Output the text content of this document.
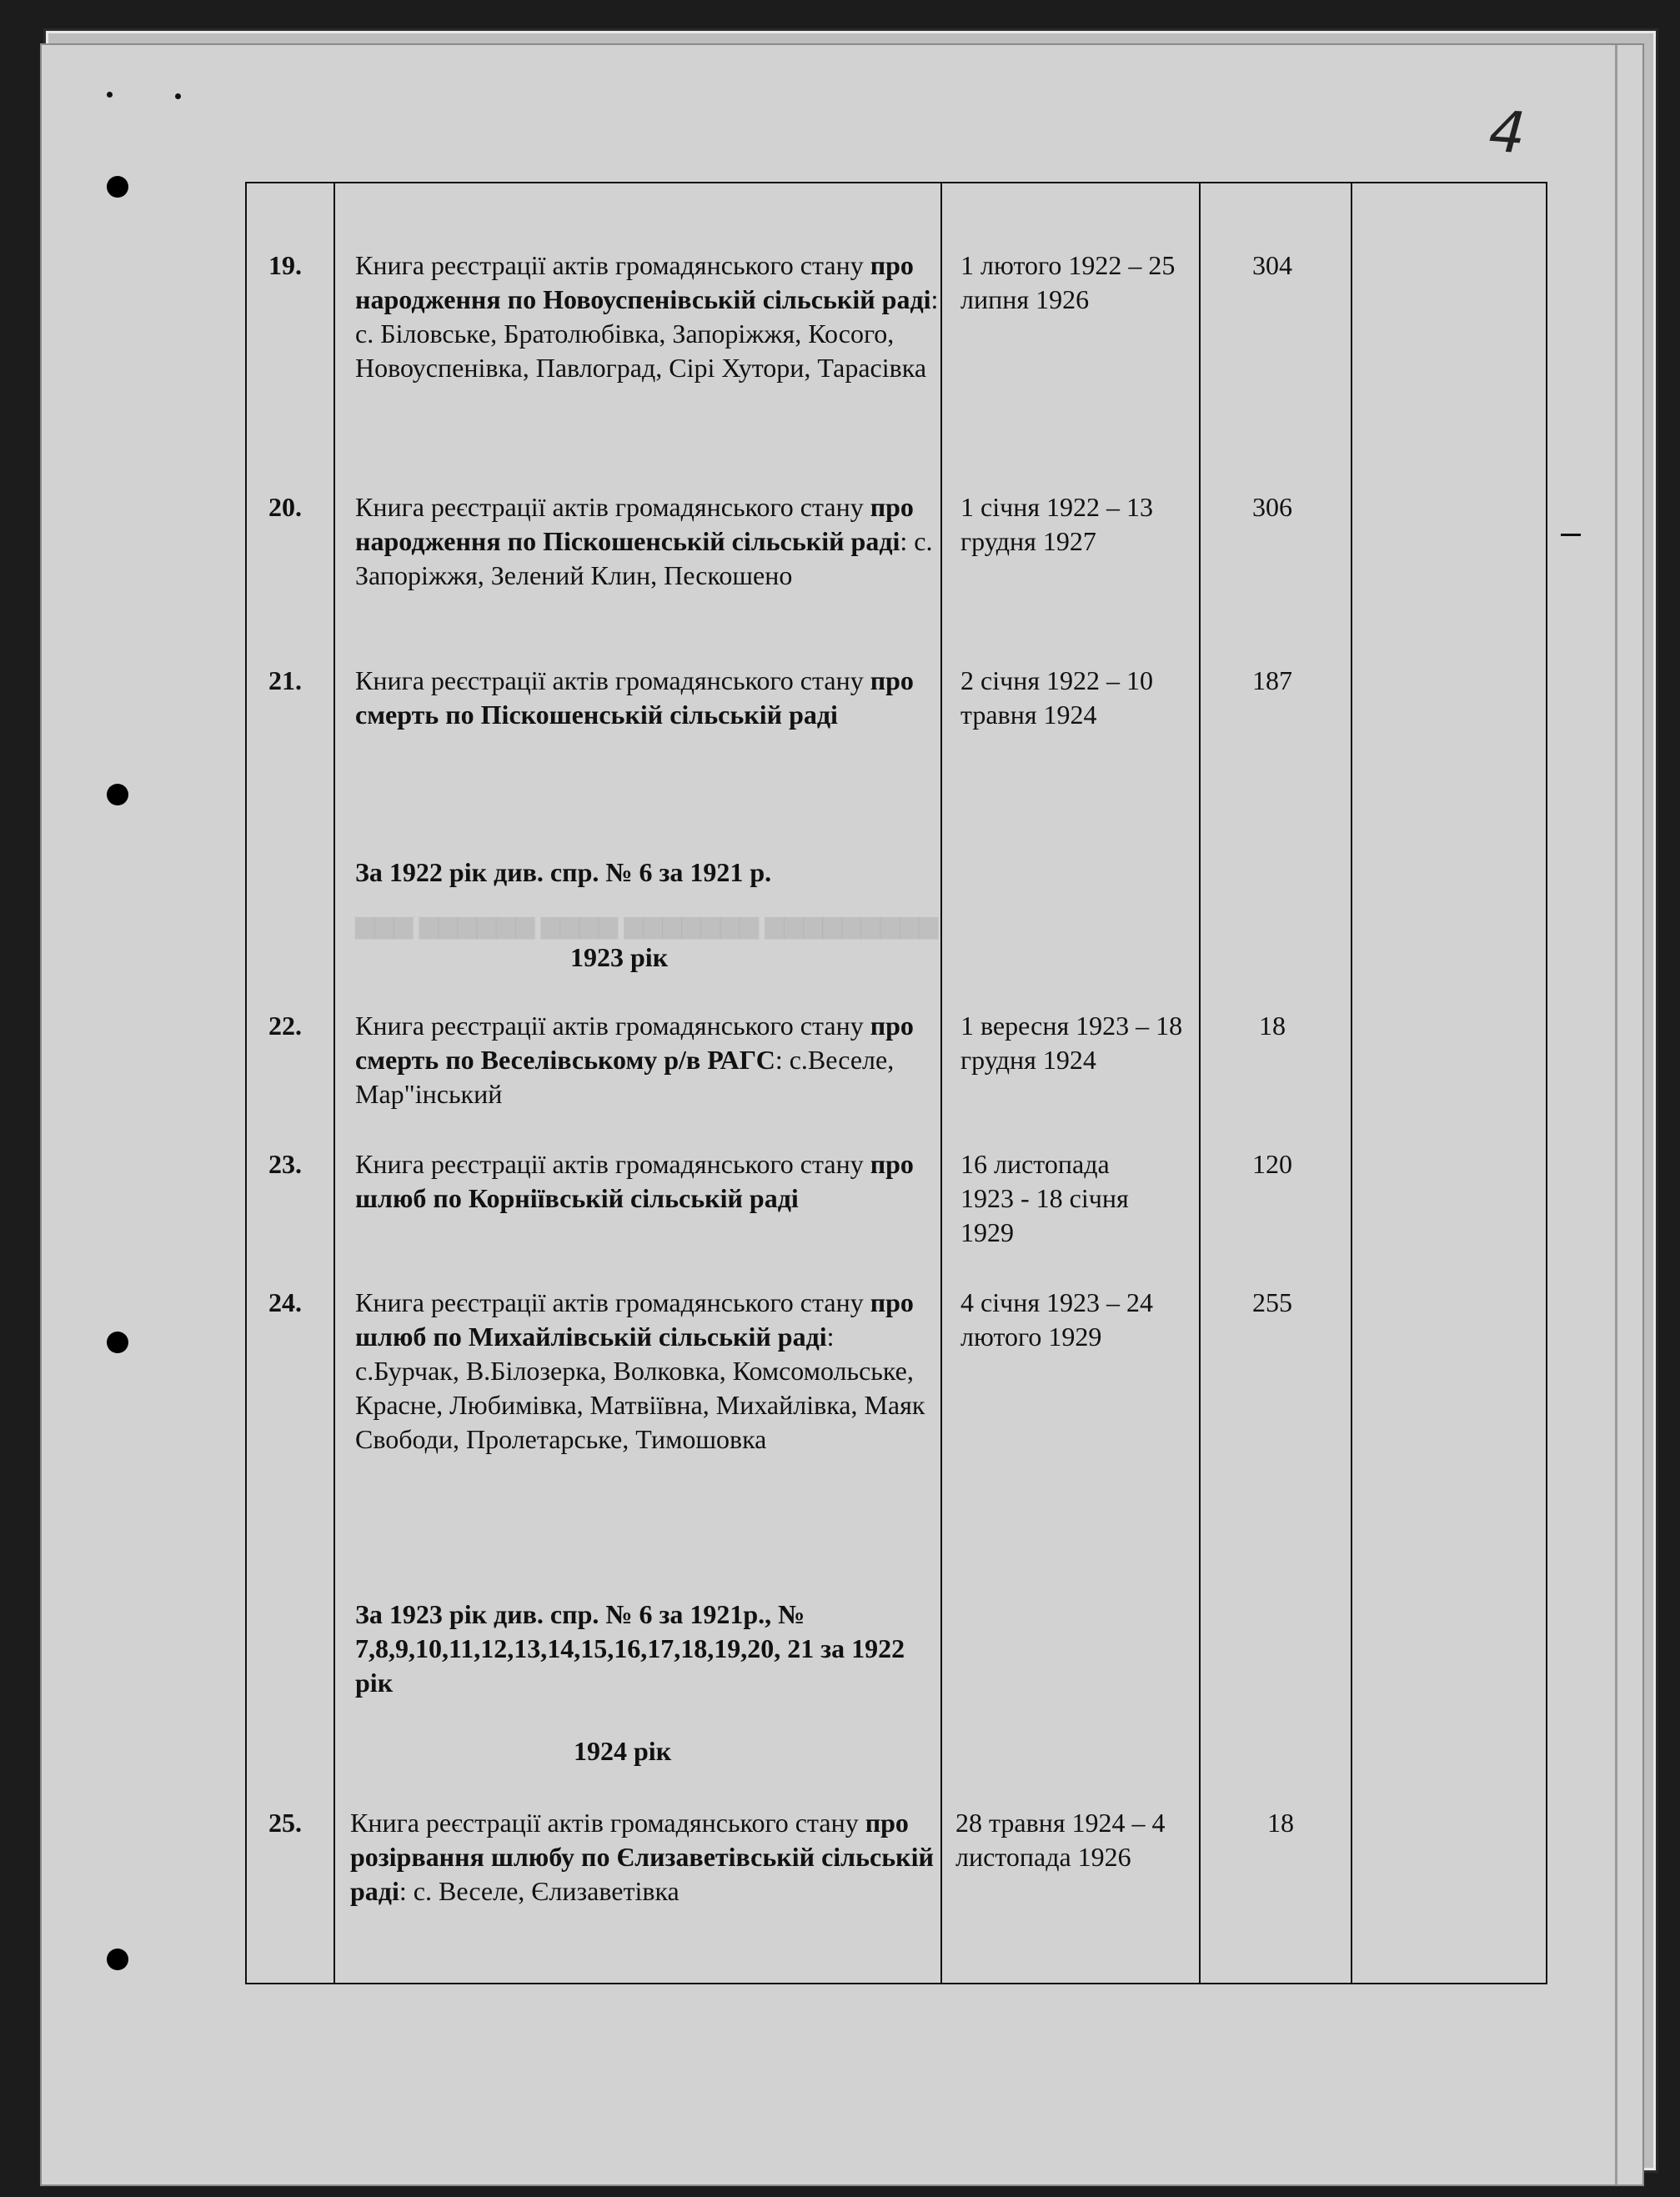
4
▆▆▆ ▆▆▆▆▆▆ ▆▆▆▆ ▆▆▆▆▆▆▆ ▆▆▆▆▆▆▆▆▆
19. Книга реєстрації актів громадянського стану про народження по Новоуспенівській сільській раді: с. Біловське, Братолюбівка, Запоріжжя, Косого, Новоуспенівка, Павлоград, Сірі Хутори, Тарасівка
1 лютого 1922 – 25 липня 1926
304
20. Книга реєстрації актів громадянського стану про народження по Піскошенській сільській раді: с. Запоріжжя, Зелений Клин, Пескошено
1 січня 1922 – 13 грудня 1927
306
21. Книга реєстрації актів громадянського стану про смерть по Піскошенській сільській раді
2 січня 1922 – 10 травня 1924
187
За 1922 рік див. спр. № 6 за 1921 р.
1923 рік
22. Книга реєстрації актів громадянського стану про смерть по Веселівському р/в РАГС: с.Веселе, Мар"інський
1 вересня 1923 – 18 грудня 1924
18
23. Книга реєстрації актів громадянського стану про шлюб по Корніївській сільській раді
16 листопада 1923 - 18 січня 1929
120
24. Книга реєстрації актів громадянського стану про шлюб по Михайлівській сільській раді: с.Бурчак, В.Білозерка, Волковка, Комсомольське, Красне, Любимівка, Матвіївна, Михайлівка, Маяк Свободи, Пролетарське, Тимошовка
4 січня 1923 – 24 лютого 1929
255
За 1923 рік див. спр. № 6 за 1921р., № 7,8,9,10,11,12,13,14,15,16,17,18,19,20, 21 за 1922 рік
1924 рік
25. Книга реєстрації актів громадянського стану про розірвання шлюбу по Єлизаветівській сільській раді: с. Веселе, Єлизаветівка
28 травня 1924 – 4 листопада 1926
18
